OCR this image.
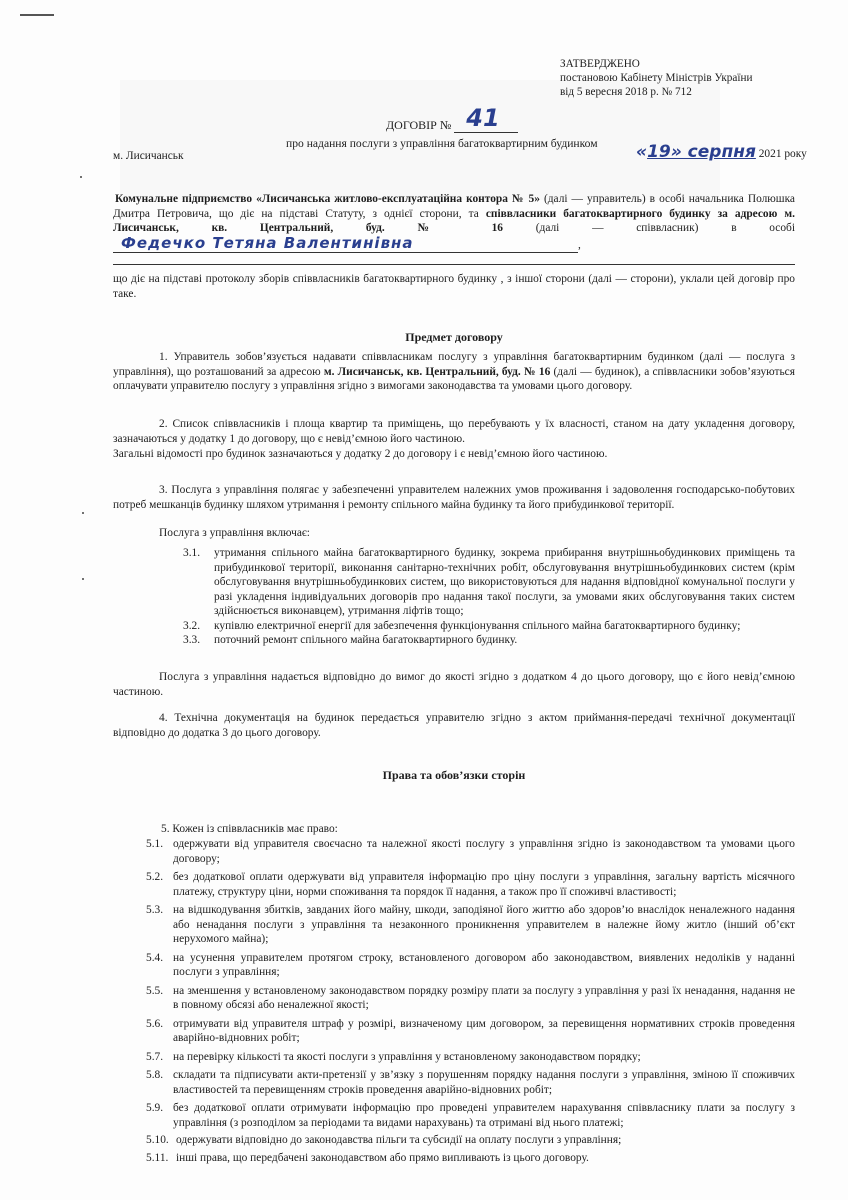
ЗАТВЕРДЖЕНО
постановою Кабінету Міністрів України
від 5 вересня 2018 р. № 712
ДОГОВІР № 41
про надання послуги з управління багатоквартирним будинком
м. Лисичанськ	«19» серпня 2021 року
Комунальне підприємство «Лисичанська житлово-експлуатаційна контора № 5» (далі — управитель) в особі начальника Полюшка Дмитра Петровича, що діє на підставі Статуту, з однієї сторони, та співвласники багатоквартирного будинку за адресою м. Лисичанськ, кв. Центральний, буд. № 16 (далі — співвласник) в особі Федечко Тетяна Валентинівна	,
що діє на підставі протоколу зборів співвласників багатоквартирного будинку , з іншої сторони (далі — сторони), уклали цей договір про таке.
Предмет договору
1. Управитель зобов’язується надавати співвласникам послугу з управління багатоквартирним будинком (далі — послуга з управління), що розташований за адресою м. Лисичанськ, кв. Центральний, буд. № 16 (далі — будинок), а співвласники зобов’язуються оплачувати управителю послугу з управління згідно з вимогами законодавства та умовами цього договору.
2. Список співвласників і площа квартир та приміщень, що перебувають у їх власності, станом на дату укладення договору, зазначаються у додатку 1 до договору, що є невід’ємною його частиною.
Загальні відомості про будинок зазначаються у додатку 2 до договору і є невід’ємною його частиною.
3. Послуга з управління полягає у забезпеченні управителем належних умов проживання і задоволення господарсько-побутових потреб мешканців будинку шляхом утримання і ремонту спільного майна будинку та його прибудинкової території.
Послуга з управління включає:
3.1.	утримання спільного майна багатоквартирного будинку, зокрема прибирання внутрішньобудинкових приміщень та прибудинкової території, виконання санітарно-технічних робіт, обслуговування внутрішньобудинкових систем (крім обслуговування внутрішньобудинкових систем, що використовуються для надання відповідної комунальної послуги у разі укладення індивідуальних договорів про надання такої послуги, за умовами яких обслуговування таких систем здійснюється виконавцем), утримання ліфтів тощо;
3.2.	купівлю електричної енергії для забезпечення функціонування спільного майна багатоквартирного будинку;
3.3.	поточний ремонт спільного майна багатоквартирного будинку.
Послуга з управління надається відповідно до вимог до якості згідно з додатком 4 до цього договору, що є його невід’ємною частиною.
4. Технічна документація на будинок передається управителю згідно з актом приймання-передачі технічної документації відповідно до додатка 3 до цього договору.
Права та обов’язки сторін
5. Кожен із співвласників має право:
5.1. одержувати від управителя своєчасно та належної якості послугу з управління згідно із законодавством та умовами цього договору;
5.2. без додаткової оплати одержувати від управителя інформацію про ціну послуги з управління, загальну вартість місячного платежу, структуру ціни, норми споживання та порядок її надання, а також про її споживчі властивості;
5.3. на відшкодування збитків, завданих його майну, шкоди, заподіяної його життю або здоров’ю внаслідок неналежного надання або ненадання послуги з управління та незаконного проникнення управителем в належне йому житло (інший об’єкт нерухомого майна);
5.4. на усунення управителем протягом строку, встановленого договором або законодавством, виявлених недоліків у наданні послуги з управління;
5.5. на зменшення у встановленому законодавством порядку розміру плати за послугу з управління у разі їх ненадання, надання не в повному обсязі або неналежної якості;
5.6. отримувати від управителя штраф у розмірі, визначеному цим договором, за перевищення нормативних строків проведення аварійно-відновних робіт;
5.7. на перевірку кількості та якості послуги з управління у встановленому законодавством порядку;
5.8. складати та підписувати акти-претензії у зв’язку з порушенням порядку надання послуги з управління, зміною її споживчих властивостей та перевищенням строків проведення аварійно-відновних робіт;
5.9. без додаткової оплати отримувати інформацію про проведені управителем нарахування співвласнику плати за послугу з управління (з розподілом за періодами та видами нарахувань) та отримані від нього платежі;
5.10. одержувати відповідно до законодавства пільги та субсидії на оплату послуги з управління;
5.11. інші права, що передбачені законодавством або прямо випливають із цього договору.
